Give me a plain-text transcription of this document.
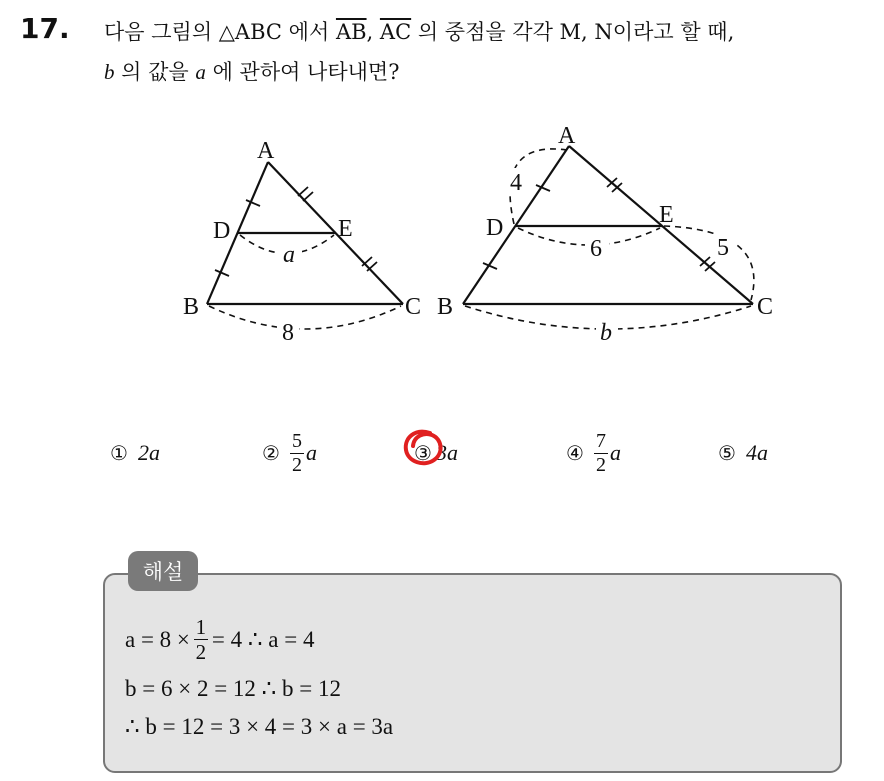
17. 다음 그림의 △ABC 에서 $\overline{AB}$, $\overline{AC}$ 의 중점을 각각 M, N이라고 할 때,
b 의 값을 a 에 관하여 나타내면?
A
D	E
B	C
a
8
A
D	E
B	C
4
6	5
b
① 2a	② $\frac{5}{2}$ a	③ 3a	④ $\frac{7}{2}$ a	⑤ 4a
해설
$a = 8 \times \frac{1}{2} = 4$ ∴ a = 4
b = 6 × 2 = 12 ∴ b = 12
∴ b = 12 = 3 × 4 = 3 × a = 3a
